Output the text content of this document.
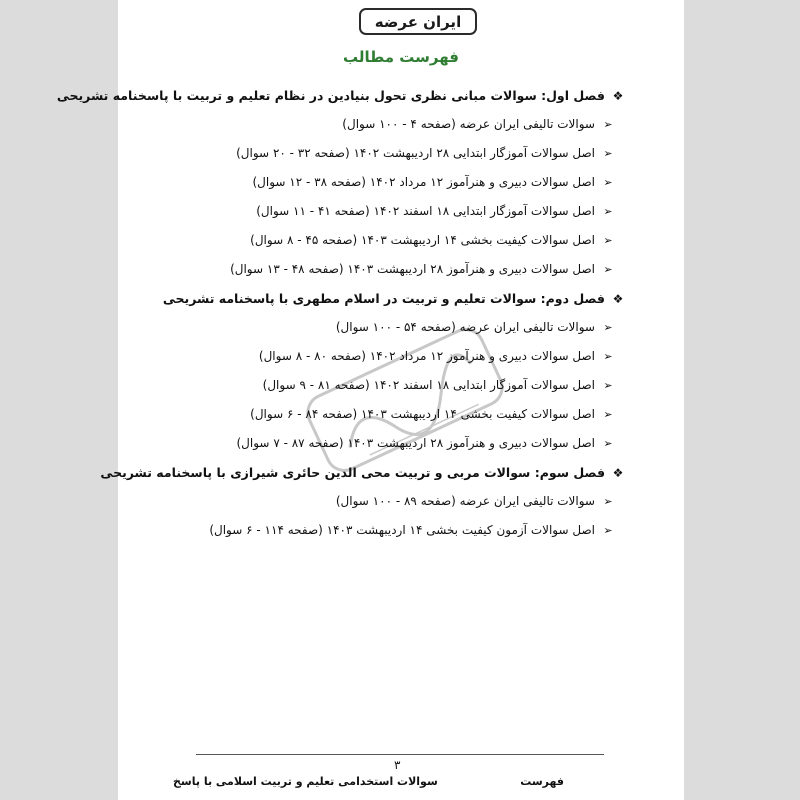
ایران عرضه
فهرست مطالب
❖
فصل اول: سوالات مبانی نظری تحول بنیادین در نظام تعلیم و تربیت با پاسخنامه تشریحی
➢
سوالات تالیفی ایران عرضه (صفحه ۴ - ۱۰۰ سوال)
➢
اصل سوالات آموزگار ابتدایی ۲۸ اردیبهشت ۱۴۰۲ (صفحه ۳۲ - ۲۰ سوال)
➢
اصل سوالات دبیری و هنرآموز ۱۲ مرداد ۱۴۰۲ (صفحه ۳۸ - ۱۲ سوال)
➢
اصل سوالات آموزگار ابتدایی ۱۸ اسفند ۱۴۰۲ (صفحه ۴۱ - ۱۱ سوال)
➢
اصل سوالات کیفیت بخشی ۱۴ اردیبهشت ۱۴۰۳ (صفحه ۴۵ - ۸ سوال)
➢
اصل سوالات دبیری و هنرآموز ۲۸ اردیبهشت ۱۴۰۳ (صفحه ۴۸ - ۱۳ سوال)
❖
فصل دوم: سوالات تعلیم و تربیت در اسلام مطهری با پاسخنامه تشریحی
➢
سوالات تالیفی ایران عرضه (صفحه ۵۴ - ۱۰۰ سوال)
➢
اصل سوالات دبیری و هنرآموز ۱۲ مرداد ۱۴۰۲ (صفحه ۸۰ - ۸ سوال)
➢
اصل سوالات آموزگار ابتدایی ۱۸ اسفند ۱۴۰۲ (صفحه ۸۱ - ۹ سوال)
➢
اصل سوالات کیفیت بخشی ۱۴ اردیبهشت ۱۴۰۳ (صفحه ۸۴ - ۶ سوال)
➢
اصل سوالات دبیری و هنرآموز ۲۸ اردیبهشت ۱۴۰۳ (صفحه ۸۷ - ۷ سوال)
❖
فصل سوم: سوالات مربی و تربیت محی الدین حائری شیرازی با پاسخنامه تشریحی
➢
سوالات تالیفی ایران عرضه (صفحه ۸۹ - ۱۰۰ سوال)
➢
اصل سوالات آزمون کیفیت بخشی ۱۴ اردیبهشت ۱۴۰۳ (صفحه ۱۱۴ - ۶ سوال)
۳
فهرست
سوالات استخدامی تعلیم و تربیت اسلامی با پاسخ
